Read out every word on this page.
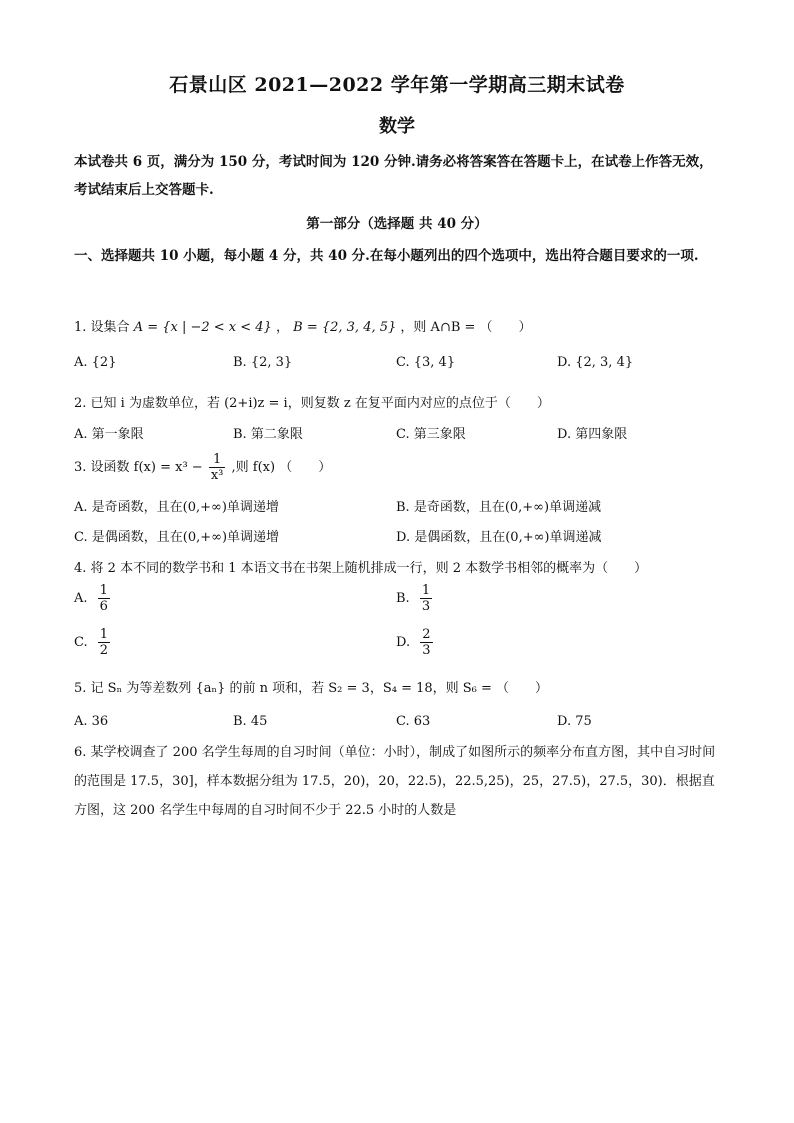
石景山区 2021—2022 学年第一学期高三期末试卷
数学
本试卷共 6 页，满分为 150 分，考试时间为 120 分钟.请务必将答案答在答题卡上，在试卷上作答无效，考试结束后上交答题卡.
第一部分（选择题 共 40 分）
一、选择题共 10 小题，每小题 4 分，共 40 分.在每小题列出的四个选项中，选出符合题目要求的一项.
1. 设集合 A = {x | −2 < x < 4} ， B = {2, 3, 4, 5} ，则 A∩B = （　　）
A. {2}	B. {2, 3}	C. {3, 4}	D. {2, 3, 4}
2. 已知 i 为虚数单位，若 (2+i)z = i，则复数 z 在复平面内对应的点位于（　　）
A. 第一象限	B. 第二象限	C. 第三象限	D. 第四象限
3. 设函数 $f(x) = x^3 - \frac{1}{\text{x³}}$ ,则 f(x) （　　）
A. 是奇函数，且在(0,+∞)单调递增	B. 是奇函数，且在(0,+∞)单调递减
C. 是偶函数，且在(0,+∞)单调递增	D. 是偶函数，且在(0,+∞)单调递减
4. 将 2 本不同的数学书和 1 本语文书在书架上随机排成一行，则 2 本数学书相邻的概率为（　　）
A. $\frac{1}{6}$	B. $\frac{1}{3}$
C. $\frac{1}{2}$	D. $\frac{2}{3}$
5. 记 Sₙ 为等差数列 {aₙ} 的前 n 项和，若 S₂ = 3，S₄ = 18，则 S₆ = （　　）
A. 36	B. 45	C. 63	D. 75
6. 某学校调查了 200 名学生每周的自习时间（单位：小时），制成了如图所示的频率分布直方图，其中自习时间的范围是 17.5，30]，样本数据分组为 17.5，20)，20，22.5)，22.5,25)，25，27.5)，27.5，30)．根据直方图，这 200 名学生中每周的自习时间不少于 22.5 小时的人数是
